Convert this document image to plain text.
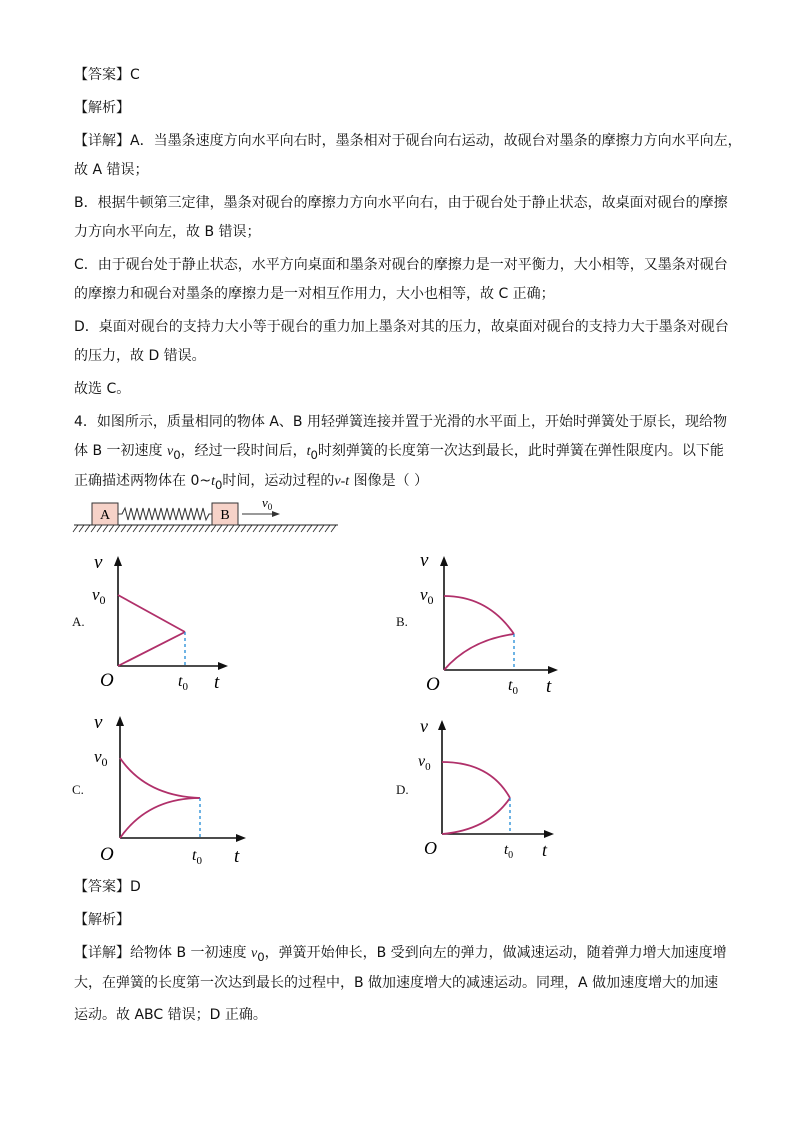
【答案】C
【解析】
【详解】A．当墨条速度方向水平向右时，墨条相对于砚台向右运动，故砚台对墨条的摩擦力方向水平向左，
故 A 错误；
B．根据牛顿第三定律，墨条对砚台的摩擦力方向水平向右，由于砚台处于静止状态，故桌面对砚台的摩擦
力方向水平向左，故 B 错误；
C．由于砚台处于静止状态，水平方向桌面和墨条对砚台的摩擦力是一对平衡力，大小相等，又墨条对砚台
的摩擦力和砚台对墨条的摩擦力是一对相互作用力，大小也相等，故 C 正确；
D．桌面对砚台的支持力大小等于砚台的重力加上墨条对其的压力，故桌面对砚台的支持力大于墨条对砚台
的压力，故 D 错误。
故选 C。
4．如图所示，质量相同的物体 A、B 用轻弹簧连接并置于光滑的水平面上，开始时弹簧处于原长，现给物
体 B 一初速度 $v_0$，经过一段时间后，$t_0$时刻弹簧的长度第一次达到最长，此时弹簧在弹性限度内。以下能
正确描述两物体在 $0\sim t_0$时间，运动过程的v-t 图像是（ ）
A	B
$v_0$
A.	B.
C.	D.
v
$v_0$
O	$t_0$ t
v
$v_0$
O	$t_0$ t
v
$v_0$
O	$t_0$ t
v
$v_0$
O	$t_0$ t
【答案】D
【解析】
【详解】给物体 B 一初速度 $v_0$，弹簧开始伸长，B 受到向左的弹力，做减速运动，随着弹力增大加速度增
大，在弹簧的长度第一次达到最长的过程中，B 做加速度增大的减速运动。同理，A 做加速度增大的加速
运动。故 ABC 错误；D 正确。
